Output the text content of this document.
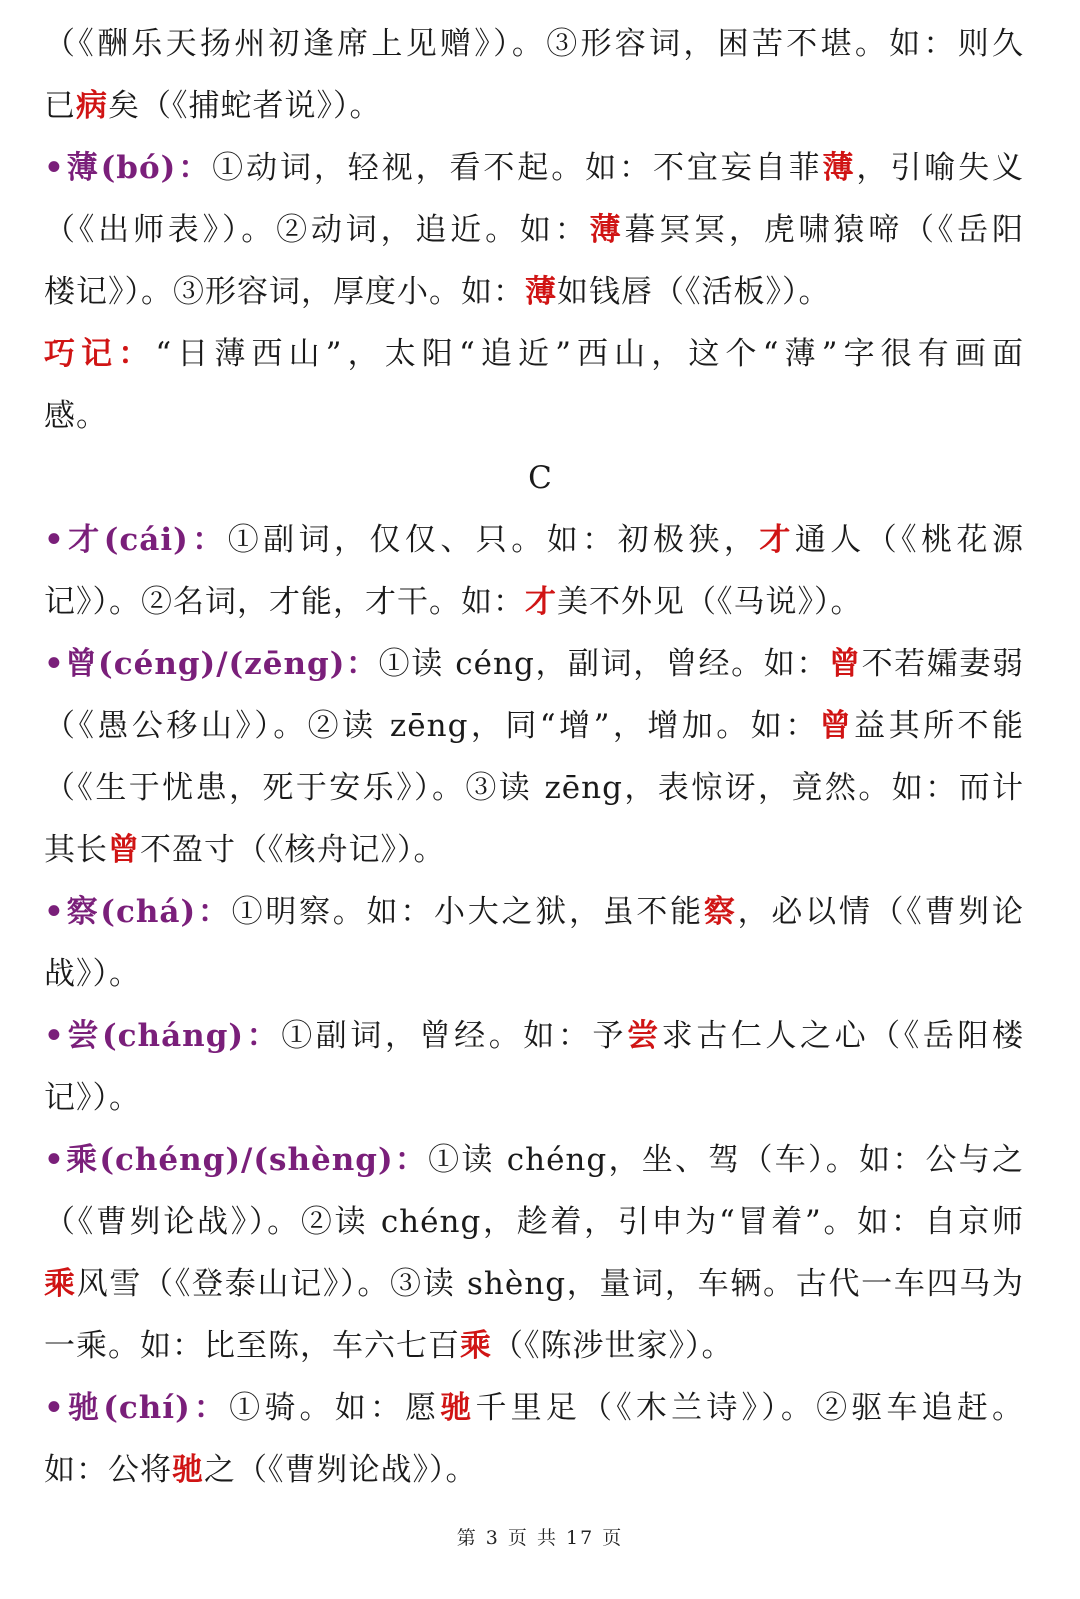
（《酬乐天扬州初逢席上见赠》）。③形容词，困苦不堪。如：则久
已病矣（《捕蛇者说》）。
•薄(bó)：①动词，轻视，看不起。如：不宜妄自菲薄，引喻失义
（《出师表》）。②动词，追近。如：薄暮冥冥，虎啸猿啼（《岳阳
楼记》）。③形容词，厚度小。如：薄如钱唇（《活板》）。
巧记：“日薄西山”，太阳“追近”西山，这个“薄”字很有画面
感。
•才(cái)：①副词，仅仅、只。如：初极狭，才通人（《桃花源
记》）。②名词，才能，才干。如：才美不外见（《马说》）。
•曾(céng)/(zēng)：①读 céng，副词，曾经。如：曾不若孀妻弱
（《愚公移山》）。②读 zēng，同“增”，增加。如：曾益其所不能
（《生于忧患，死于安乐》）。③读 zēng，表惊讶，竟然。如：而计
其长曾不盈寸（《核舟记》）。
•察(chá)：①明察。如：小大之狱，虽不能察，必以情（《曹刿论
战》）。
•尝(cháng)：①副词，曾经。如：予尝求古仁人之心（《岳阳楼
记》）。
•乘(chéng)/(shèng)：①读 chéng，坐、驾（车）。如：公与之
（《曹刿论战》）。②读 chéng，趁着，引申为“冒着”。如：自京师
乘风雪（《登泰山记》）。③读 shèng，量词，车辆。古代一车四马为
一乘。如：比至陈，车六七百乘（《陈涉世家》）。
•驰(chí)：①骑。如：愿驰千里足（《木兰诗》）。②驱车追赶。
如：公将驰之（《曹刿论战》）。
C
第 3 页 共 17 页
